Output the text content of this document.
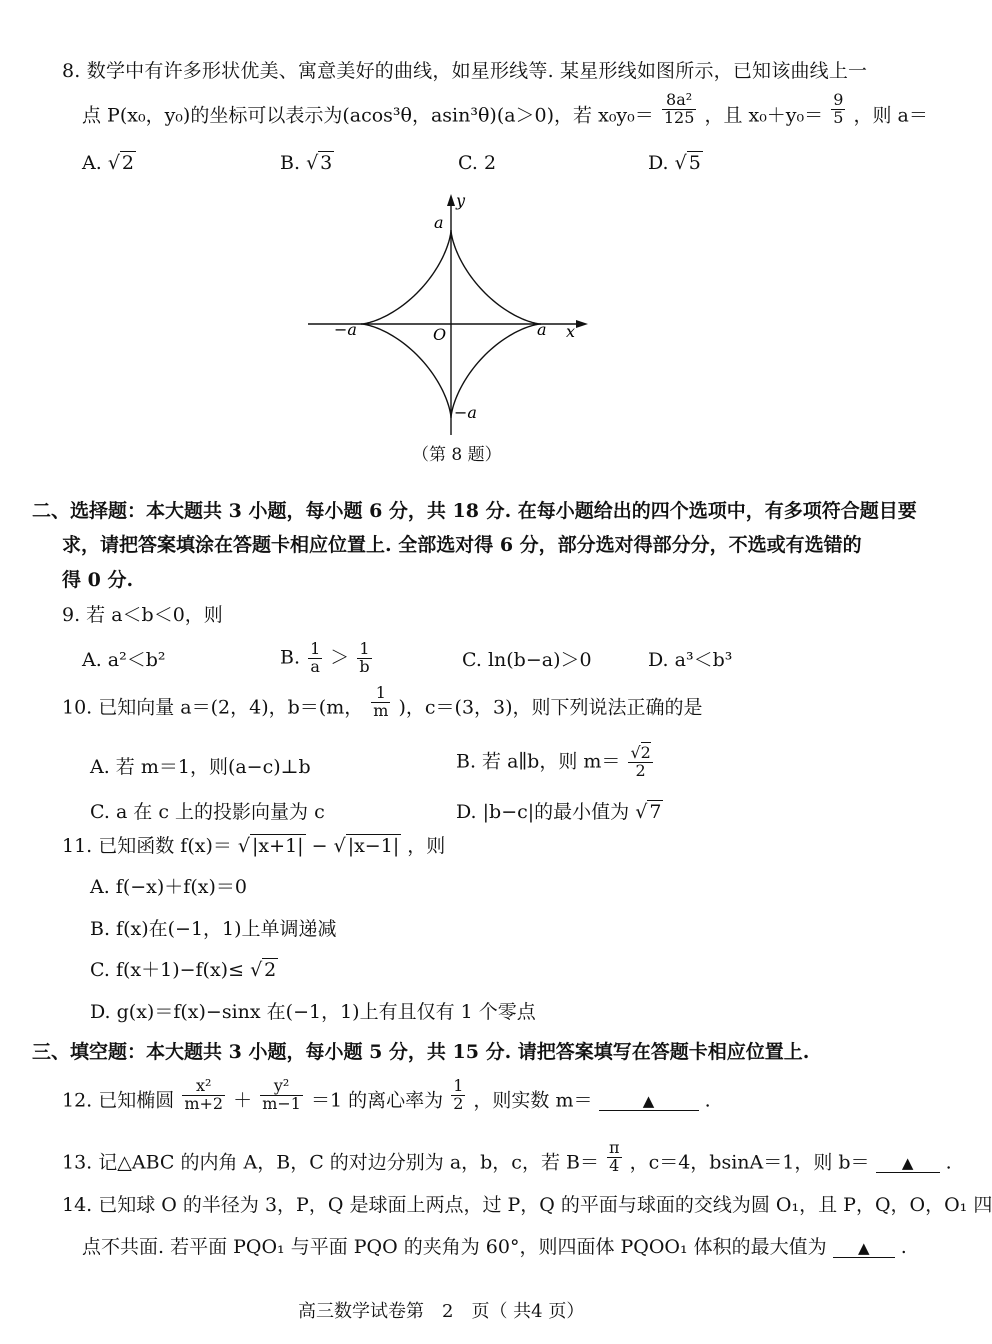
8. 数学中有许多形状优美、寓意美好的曲线，如星形线等. 某星形线如图所示，已知该曲线上一
点 P(x₀，y₀)的坐标可以表示为(acos³θ，asin³θ)(a＞0)，若 $x_0y_0= \frac{\text{8a²}}{125}$ ，且 $x_0+y_0= \frac{9}{5}$ ，则 a＝
A. √ 2	B. √ 3	C. 2	D. √ 5
y
x
a
−a
−a	a
O
（第 8 题）
二、选择题：本大题共 3 小题，每小题 6 分，共 18 分. 在每小题给出的四个选项中，有多项符合题目要
求，请把答案填涂在答题卡相应位置上. 全部选对得 6 分，部分选对得部分分，不选或有选错的
得 0 分.
9. 若 a＜b＜0，则
A. a²＜b²	B. $\frac{1}{a} > \frac{1}{b}$	C. ln(b−a)＞0	D. a³＜b³
10. 已知向量 a＝(2，4)，b＝(m， $\frac{1}{m}$ )，c＝(3，3)，则下列说法正确的是
A. 若 m＝1，则(a−c)⊥b	B. 若 a∥b，则 $m= \frac{√2}{2}$
C. a 在 c 上的投影向量为 c	D. |b−c|的最小值为 √ 7
11. 已知函数 f(x)＝ √ |x+1| − √ |x−1| ，则
A. f(−x)＋f(x)＝0
B. f(x)在(−1，1)上单调递减
C. f(x＋1)−f(x)≤ √ 2
D. g(x)＝f(x)−sinx 在(−1，1)上有且仅有 1 个零点
三、填空题：本大题共 3 小题，每小题 5 分，共 15 分. 请把答案填写在答题卡相应位置上.
12. 已知椭圆 $\frac{\text{x²}}{m+2} + \frac{\text{y²}}{m-1} =1$ 的离心率为 $\frac{1}{2}$ ，则实数 m＝	▲	.
13. 记△ABC 的内角 A，B，C 的对边分别为 a，b，c，若 $B= \frac{\pi}{4}$ ，c＝4，bsinA＝1，则 b＝ ▲ .
14. 已知球 O 的半径为 3，P，Q 是球面上两点，过 P，Q 的平面与球面的交线为圆 O₁，且 P，Q，O，O₁ 四
点不共面. 若平面 PQO₁ 与平面 PQO 的夹角为 60°，则四面体 PQOO₁ 体积的最大值为 ▲ .
高三数学试卷第　2　页（ 共4 页）
